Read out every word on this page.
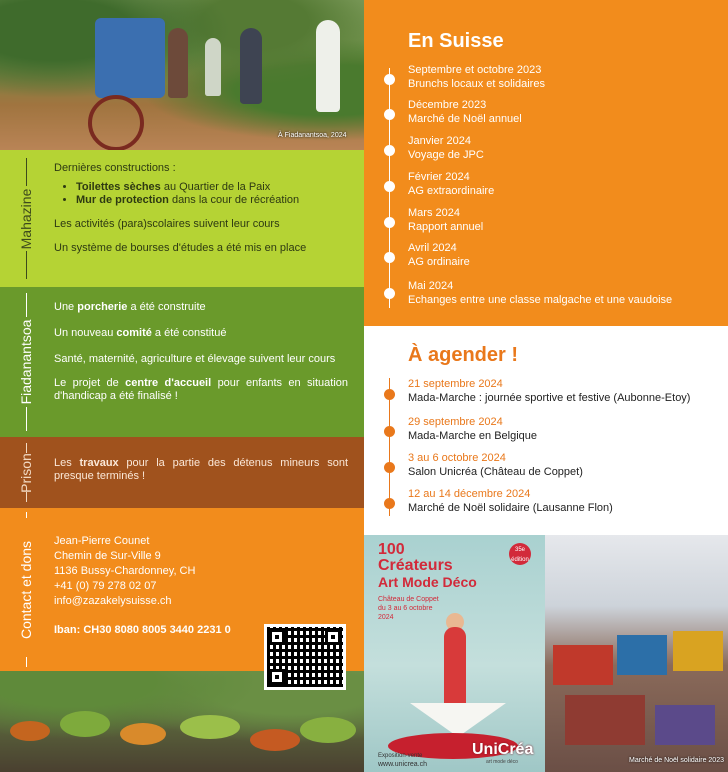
À Fiadanantsoa, 2024
Mahazine

Dernières constructions :

• Toilettes sèches au Quartier de la Paix
• Mur de protection dans la cour de récréation

Les activités (para)scolaires suivent leur cours

Un système de bourses d'études a été mis en place

Fiadanantsoa

Une porcherie a été construite

Un nouveau comité a été constitué

Santé, maternité, agriculture et élevage suivent leur cours

Le projet de centre d'accueil pour enfants en situation d'handicap a été finalisé !

Prison Les travaux pour la partie des détenus mineurs sont presque terminés !

Contact et dons Jean-Pierre Counet
Chemin de Sur-Ville 9
1136 Bussy-Chardonney, CH
+41 (0) 79 278 02 07
info@zazakelysuisse.ch
Iban: CH30 8080 8005 3440 2231 0
En Suisse
Septembre et octobre 2023
Brunchs locaux et solidaires
Décembre 2023
Marché de Noël annuel
Janvier 2024
Voyage de JPC
Février 2024
AG extraordinaire
Mars 2024
Rapport annuel
Avril 2024
AG ordinaire
Mai 2024
Echanges entre une classe malgache et une vaudoise
À agender !
21 septembre 2024
Mada-Marche : journée sportive et festive (Aubonne-Etoy)
29 septembre 2024
Mada-Marche en Belgique
3 au 6 octobre 2024
Salon Unicréa (Château de Coppet)
12 au 14 décembre 2024
Marché de Noël solidaire (Lausanne Flon)
100
Créateurs
Art Mode Déco
35e édition
Château de Coppet
du 3 au 6 octobre
2024
UniCréa
art mode déco
Exposition-vente
www.unicrea.ch
Marché de Noël solidaire 2023
